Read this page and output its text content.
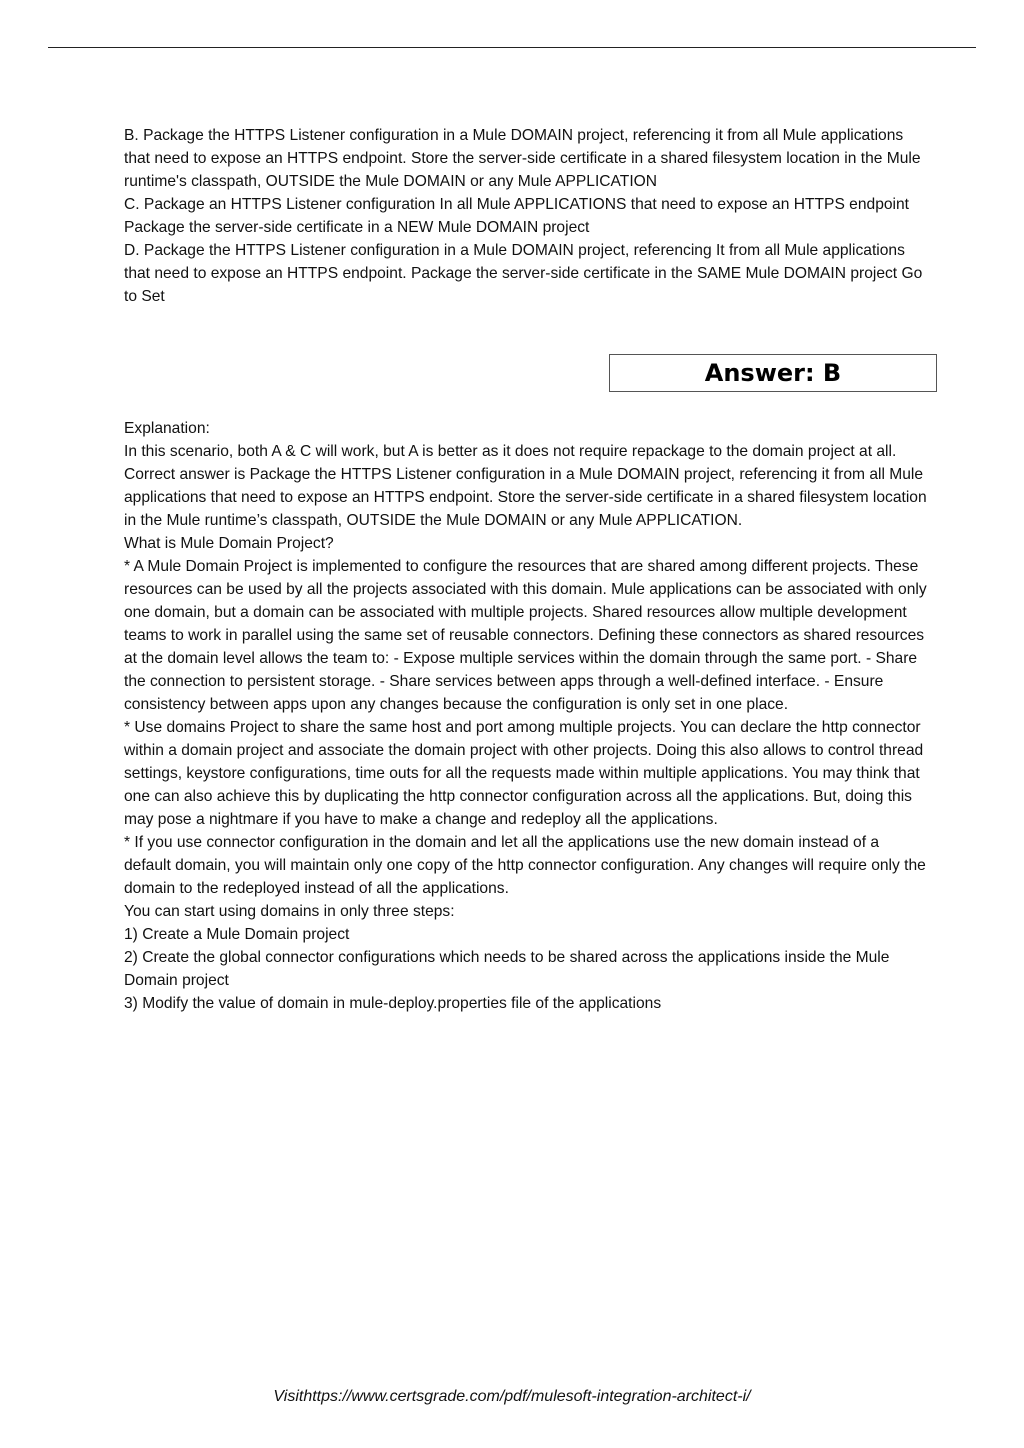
B. Package the HTTPS Listener configuration in a Mule DOMAIN project, referencing it from all Mule applications that need to expose an HTTPS endpoint. Store the server-side certificate in a shared filesystem location in the Mule runtime's classpath, OUTSIDE the Mule DOMAIN or any Mule APPLICATION

C. Package an HTTPS Listener configuration In all Mule APPLICATIONS that need to expose an HTTPS endpoint Package the server-side certificate in a NEW Mule DOMAIN project

D. Package the HTTPS Listener configuration in a Mule DOMAIN project, referencing It from all Mule applications that need to expose an HTTPS endpoint. Package the server-side certificate in the SAME Mule DOMAIN project Go to Set

Answer: B

Explanation:

In this scenario, both A & C will work, but A is better as it does not require repackage to the domain project at all.

Correct answer is Package the HTTPS Listener configuration in a Mule DOMAIN project, referencing it from all Mule applications that need to expose an HTTPS endpoint. Store the server-side certificate in a shared filesystem location in the Mule runtime’s classpath, OUTSIDE the Mule DOMAIN or any Mule APPLICATION.

What is Mule Domain Project?

* A Mule Domain Project is implemented to configure the resources that are shared among different projects. These resources can be used by all the projects associated with this domain. Mule applications can be associated with only one domain, but a domain can be associated with multiple projects. Shared resources allow multiple development teams to work in parallel using the same set of reusable connectors. Defining these connectors as shared resources at the domain level allows the team to: - Expose multiple services within the domain through the same port. - Share the connection to persistent storage. - Share services between apps through a well-defined interface. - Ensure consistency between apps upon any changes because the configuration is only set in one place.

* Use domains Project to share the same host and port among multiple projects. You can declare the http connector within a domain project and associate the domain project with other projects. Doing this also allows to control thread settings, keystore configurations, time outs for all the requests made within multiple applications. You may think that one can also achieve this by duplicating the http connector configuration across all the applications. But, doing this may pose a nightmare if you have to make a change and redeploy all the applications.

* If you use connector configuration in the domain and let all the applications use the new domain instead of a default domain, you will maintain only one copy of the http connector configuration. Any changes will require only the domain to the redeployed instead of all the applications.

You can start using domains in only three steps:

1) Create a Mule Domain project

2) Create the global connector configurations which needs to be shared across the applications inside the Mule Domain project

3) Modify the value of domain in mule-deploy.properties file of the applications

Visithttps://www.certsgrade.com/pdf/mulesoft-integration-architect-i/
